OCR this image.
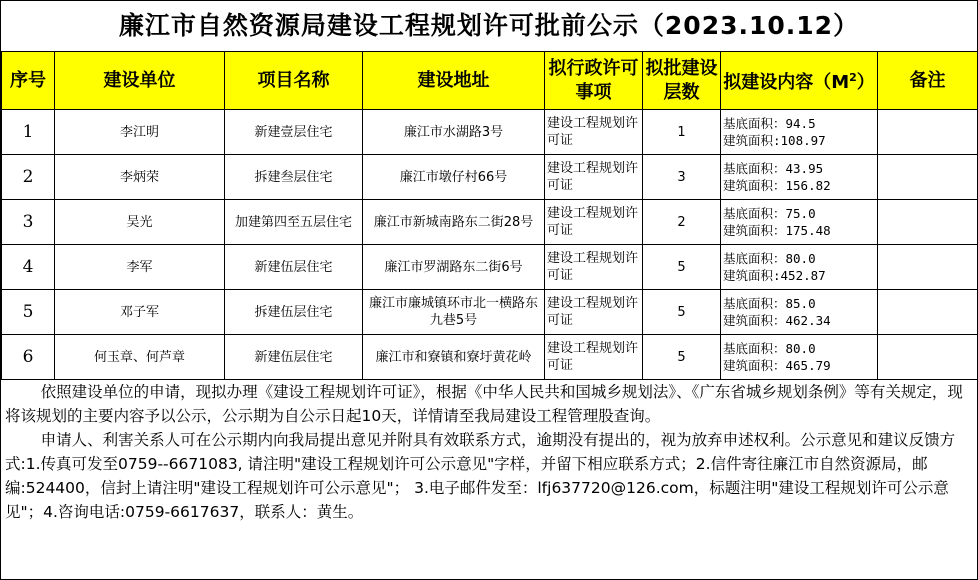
廉江市自然资源局建设工程规划许可批前公示（2023.10.12）
序号	建设单位	项目名称	建设地址	拟行政许可事项	拟批建设层数	拟建设内容$(M^2)$	备注
1	李江明	新建壹层住宅	廉江市水湖路3号	建设工程规划许可证	1	基底面积：94.5
建筑面积:108.97	

2	李炳荣	拆建叁层住宅	廉江市墩仔村66号	建设工程规划许可证	3	基底面积：43.95
建筑面积：156.82	

3	吴光	加建第四至五层住宅	廉江市新城南路东二街28号	建设工程规划许可证	2	基底面积：75.0
建筑面积：175.48	

4	李军	新建伍层住宅	廉江市罗湖路东二街6号	建设工程规划许可证	5	基底面积：80.0
建筑面积:452.87	

5	邓子军	拆建伍层住宅	廉江市廉城镇环市北一横路东九巷5号	建设工程规划许可证	5	基底面积：85.0
建筑面积：462.34	

6	何玉章、何芦章	新建伍层住宅	廉江市和寮镇和寮圩黄花岭	建设工程规划许可证	5	基底面积：80.0
建筑面积：465.79	

依照建设单位的申请，现拟办理《建设工程规划许可证》，根据《中华人民共和国城乡规划法》、《广东省城乡规划条例》等有关规定，现将该规划的主要内容予以公示，公示期为自公示日起10天，详情请至我局建设工程管理股查询。

申请人、利害关系人可在公示期内向我局提出意见并附具有效联系方式，逾期没有提出的，视为放弃申述权利。公示意见和建议反馈方式:1.传真可发至0759--6671083, 请注明"建设工程规划许可公示意见"字样，并留下相应联系方式；2.信件寄往廉江市自然资源局，邮编:524400，信封上请注明"建设工程规划许可公示意见"； 3.电子邮件发至：lfj637720@126.com，标题注明"建设工程规划许可公示意见"；4.咨询电话:0759-6617637，联系人：黄生。
